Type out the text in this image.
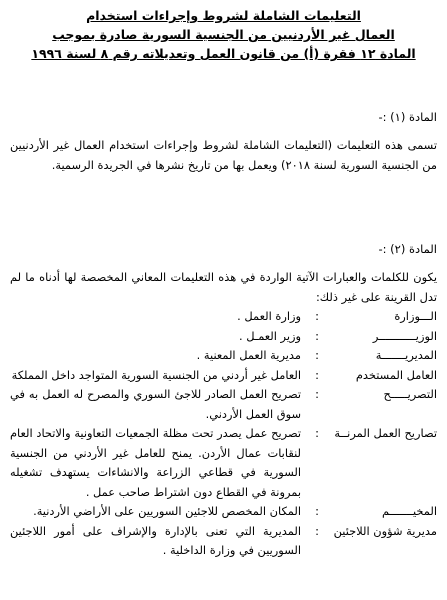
التعليمات الشاملة لشروط وإجراءات استخدام
العمال غير الأردنيين من الجنسية السورية صادرة بموجب
المادة ١٢ فقرة (أ) من قانون العمل وتعديلاته رقم ٨ لسنة ١٩٩٦

المادة (١) :-

تسمى هذه التعليمات (التعليمات الشاملة لشروط وإجراءات استخدام العمال غير الأردنيين من الجنسية السورية لسنة ٢٠١٨) ويعمل بها من تاريخ نشرها في الجريدة الرسمية.

المادة (٢) :-

يكون للكلمات والعبارات الآتية الواردة في هذه التعليمات المعاني المخصصة لها أدناه ما لم تدل القرينة على غير ذلك:

الـــوزارة
:
وزارة العمل .
الوزيـــــــــــر
:
وزير العمـل .
المديريـــــــة
:
مديرية العمل المعنية .
العامل المستخدم
:
العامل غير أردني من الجنسية السورية المتواجد داخل المملكة
التصريـــــح
:
تصريح العمل الصادر للاجئ السوري والمصرح له العمل به في سوق العمل الأردني.
تصاريح العمل المرنــة
:
تصريح عمل يصدر تحت مظلة الجمعيات التعاونية والاتحاد العام لنقابات عمال الأردن. يمنح للعامل غير الأردني من الجنسية السورية في قطاعي الزراعة والانشاءات يستهدف تشغيله بمرونة في القطاع دون اشتراط صاحب عمل .
المخيـــــــم
:
المكان المخصص للاجئين السوريين على الأراضي الأردنية.
مديرية شؤون اللاجئين
:
المديرية التي تعنى بالإدارة والإشراف على أمور اللاجئين السوريين في وزارة الداخلية .
